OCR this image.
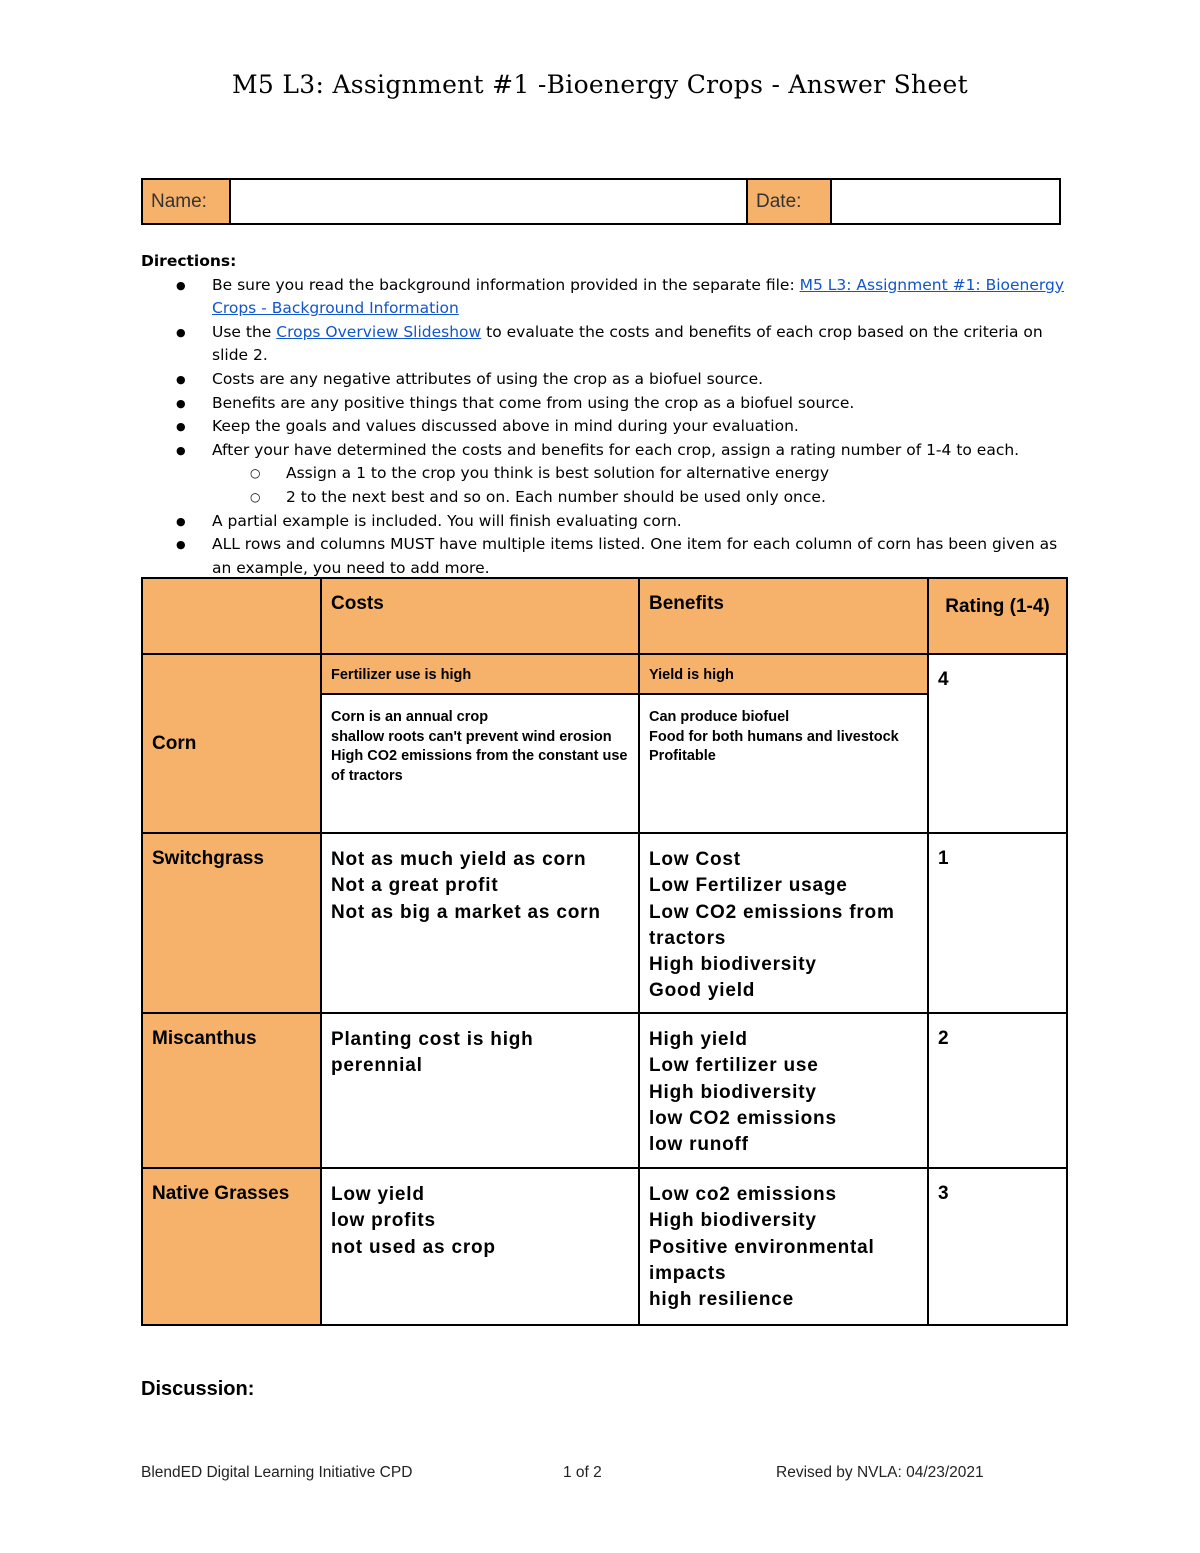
M5 L3: Assignment #1 -Bioenergy Crops - Answer Sheet
Name:	Date:
Directions:
● Be sure you read the background information provided in the separate file: M5 L3: Assignment #1: Bioenergy Crops - Background Information
● Use the Crops Overview Slideshow to evaluate the costs and benefits of each crop based on the criteria on slide 2.
● Costs are any negative attributes of using the crop as a biofuel source.
● Benefits are any positive things that come from using the crop as a biofuel source.
● Keep the goals and values discussed above in mind during your evaluation.
● After your have determined the costs and benefits for each crop, assign a rating number of 1-4 to each.
○ Assign a 1 to the crop you think is best solution for alternative energy
○ 2 to the next best and so on. Each number should be used only once.
● A partial example is included. You will finish evaluating corn.
● ALL rows and columns MUST have multiple items listed. One item for each column of corn has been given as an example, you need to add more.
	Costs	Benefits	Rating (1-4)
Corn	Fertilizer use is high	Yield is high	4

	Corn is an annual crop
shallow roots can't prevent wind erosion
High CO2 emissions from the constant use of tractors	Can produce biofuel
Food for both humans and livestock
Profitable	

Switchgrass	Not as much yield as corn
Not a great profit
Not as big a market as corn	Low Cost
Low Fertilizer usage
Low CO2 emissions from tractors
High biodiversity
Good yield	1
Miscanthus	Planting cost is high
perennial	High yield
Low fertilizer use
High biodiversity
low CO2 emissions
low runoff	2
Native Grasses	Low yield
low profits
not used as crop	Low co2 emissions
High biodiversity
Positive environmental impacts
high resilience	3
Discussion:
BlendED Digital Learning Initiative CPD	1 of 2	Revised by NVLA: 04/23/2021
